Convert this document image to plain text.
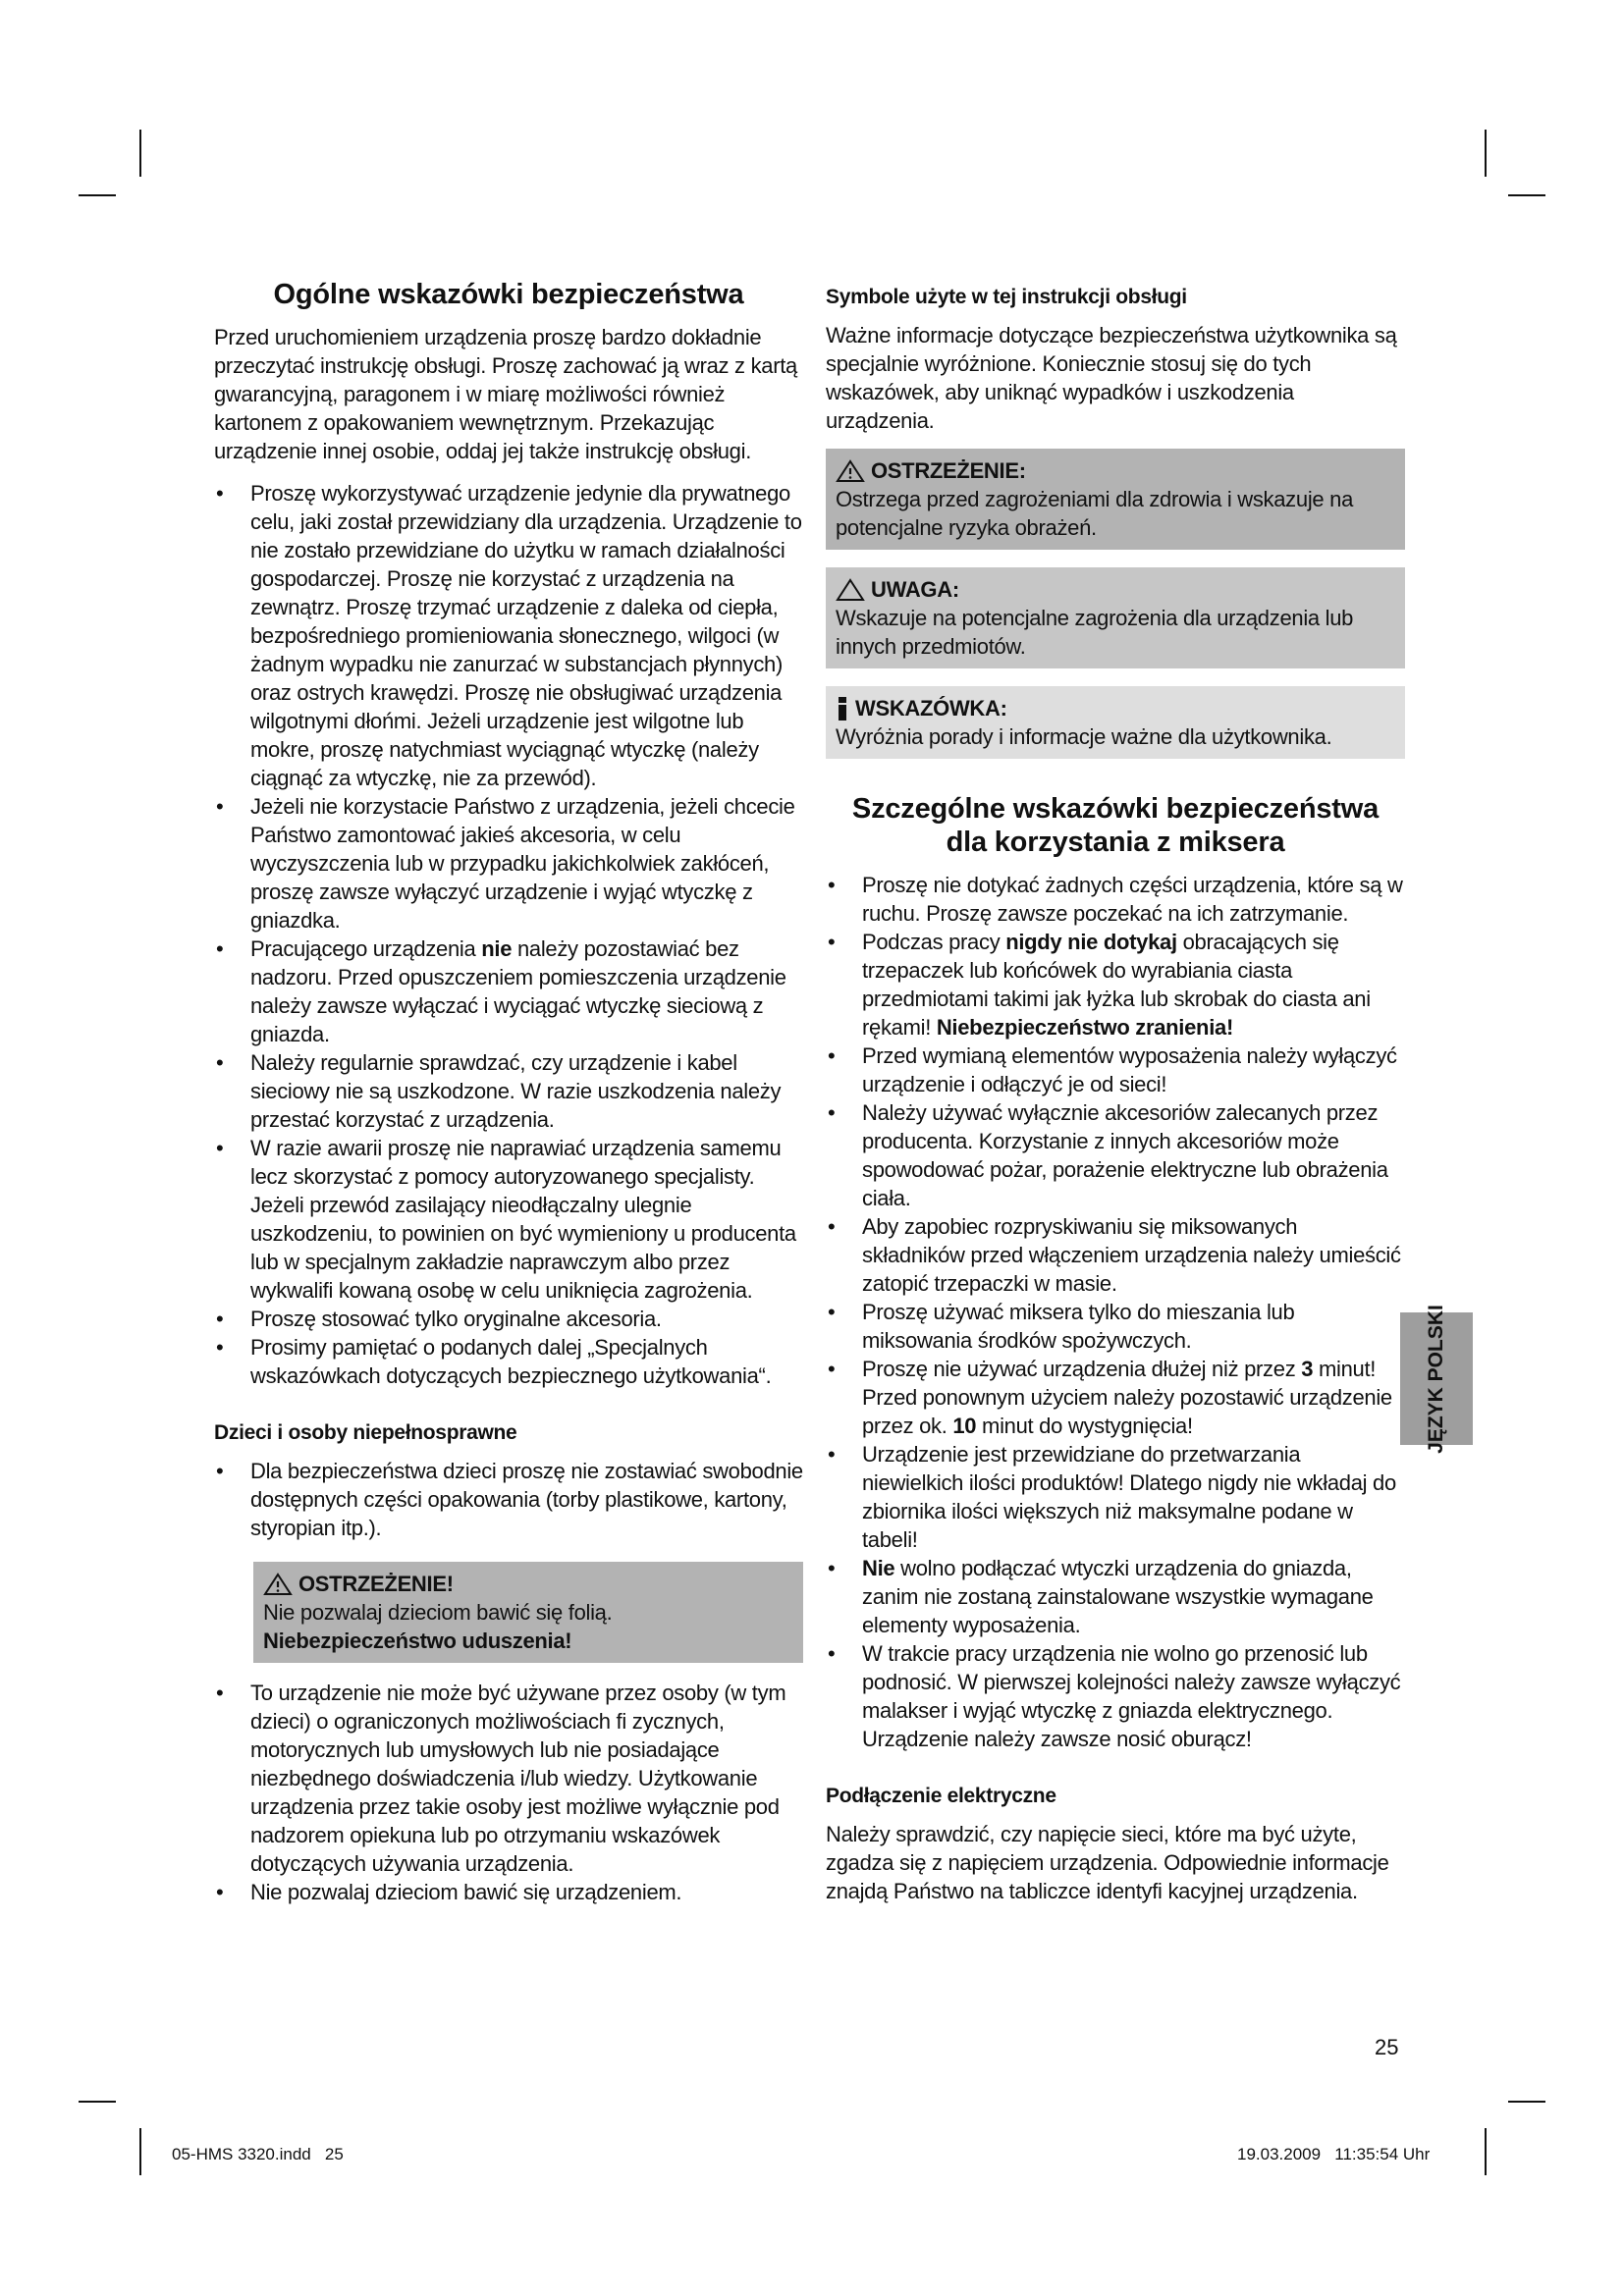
Ogólne wskazówki bezpieczeństwa

Przed uruchomieniem urządzenia proszę bardzo dokładnie przeczytać instrukcję obsługi. Proszę zachować ją wraz z kartą gwarancyjną, paragonem i w miarę możliwości również kartonem z opakowaniem wewnętrznym. Przekazując urządzenie innej osobie, oddaj jej także instrukcję obsługi.

• Proszę wykorzystywać urządzenie jedynie dla prywatnego celu, jaki został przewidziany dla urządzenia. Urządzenie to nie zostało przewidziane do użytku w ramach działalności gospodarczej. Proszę nie korzystać z urządzenia na zewnątrz. Proszę trzymać urządzenie z daleka od ciepła, bezpośredniego promieniowania słonecznego, wilgoci (w żadnym wypadku nie zanurzać w substancjach płynnych) oraz ostrych krawędzi. Proszę nie obsługiwać urządzenia wilgotnymi dłońmi. Jeżeli urządzenie jest wilgotne lub mokre, proszę natychmiast wyciągnąć wtyczkę (należy ciągnąć za wtyczkę, nie za przewód).
• Jeżeli nie korzystacie Państwo z urządzenia, jeżeli chcecie Państwo zamontować jakieś akcesoria, w celu wyczyszczenia lub w przypadku jakichkolwiek zakłóceń, proszę zawsze wyłączyć urządzenie i wyjąć wtyczkę z gniazdka.
• Pracującego urządzenia nie należy pozostawiać bez nadzoru. Przed opuszczeniem pomieszczenia urządzenie należy zawsze wyłączać i wyciągać wtyczkę sieciową z gniazda.
• Należy regularnie sprawdzać, czy urządzenie i kabel sieciowy nie są uszkodzone. W razie uszkodzenia należy przestać korzystać z urządzenia.
• W razie awarii proszę nie naprawiać urządzenia samemu lecz skorzystać z pomocy autoryzowanego specjalisty. Jeżeli przewód zasilający nieodłączalny ulegnie uszkodzeniu, to powinien on być wymieniony u producenta lub w specjalnym zakładzie naprawczym albo przez wykwalifi kowaną osobę w celu uniknięcia zagrożenia.
• Proszę stosować tylko oryginalne akcesoria.
• Prosimy pamiętać o podanych dalej „Specjalnych wskazówkach dotyczących bezpiecznego użytkowania“.
Dzieci i osoby niepełnosprawne
• Dla bezpieczeństwa dzieci proszę nie zostawiać swobodnie dostępnych części opakowania (torby plastikowe, kartony, styropian itp.).
OSTRZEŻENIE!
Nie pozwalaj dzieciom bawić się folią.
Niebezpieczeństwo uduszenia!
• To urządzenie nie może być używane przez osoby (w tym dzieci) o ograniczonych możliwościach fi zycznych, motorycznych lub umysłowych lub nie posiadające niezbędnego doświadczenia i/lub wiedzy. Użytkowanie urządzenia przez takie osoby jest możliwe wyłącznie pod nadzorem opiekuna lub po otrzymaniu wskazówek dotyczących używania urządzenia.
• Nie pozwalaj dzieciom bawić się urządzeniem.
Symbole użyte w tej instrukcji obsługi

Ważne informacje dotyczące bezpieczeństwa użytkownika są specjalnie wyróżnione. Koniecznie stosuj się do tych wskazówek, aby uniknąć wypadków i uszkodzenia urządzenia.

OSTRZEŻENIE:
Ostrzega przed zagrożeniami dla zdrowia i wskazuje na potencjalne ryzyka obrażeń.
UWAGA:
Wskazuje na potencjalne zagrożenia dla urządzenia lub innych przedmiotów.
WSKAZÓWKA:
Wyróżnia porady i informacje ważne dla użytkownika.
Szczególne wskazówki bezpieczeństwa
dla korzystania z miksera
• Proszę nie dotykać żadnych części urządzenia, które są w ruchu. Proszę zawsze poczekać na ich zatrzymanie.
• Podczas pracy nigdy nie dotykaj obracających się trzepaczek lub końcówek do wyrabiania ciasta przedmiotami takimi jak łyżka lub skrobak do ciasta ani rękami! Niebezpieczeństwo zranienia!
• Przed wymianą elementów wyposażenia należy wyłączyć urządzenie i odłączyć je od sieci!
• Należy używać wyłącznie akcesoriów zalecanych przez producenta. Korzystanie z innych akcesoriów może spowodować pożar, porażenie elektryczne lub obrażenia ciała.
• Aby zapobiec rozpryskiwaniu się miksowanych składników przed włączeniem urządzenia należy umieścić zatopić trzepaczki w masie.
• Proszę używać miksera tylko do mieszania lub miksowania środków spożywczych.
• Proszę nie używać urządzenia dłużej niż przez 3 minut! Przed ponownym użyciem należy pozostawić urządzenie przez ok. 10 minut do wystygnięcia!
• Urządzenie jest przewidziane do przetwarzania niewielkich ilości produktów! Dlatego nigdy nie wkładaj do zbiornika ilości większych niż maksymalne podane w tabeli!
• Nie wolno podłączać wtyczki urządzenia do gniazda, zanim nie zostaną zainstalowane wszystkie wymagane elementy wyposażenia.
• W trakcie pracy urządzenia nie wolno go przenosić lub podnosić. W pierwszej kolejności należy zawsze wyłączyć malakser i wyjąć wtyczkę z gniazda elektrycznego. Urządzenie należy zawsze nosić oburącz!
Podłączenie elektryczne

Należy sprawdzić, czy napięcie sieci, które ma być użyte, zgadza się z napięciem urządzenia. Odpowiednie informacje znajdą Państwo na tabliczce identyfi kacyjnej urządzenia.

JĘZYK POLSKI
25
05-HMS 3320.indd   25	19.03.2009   11:35:54 Uhr
